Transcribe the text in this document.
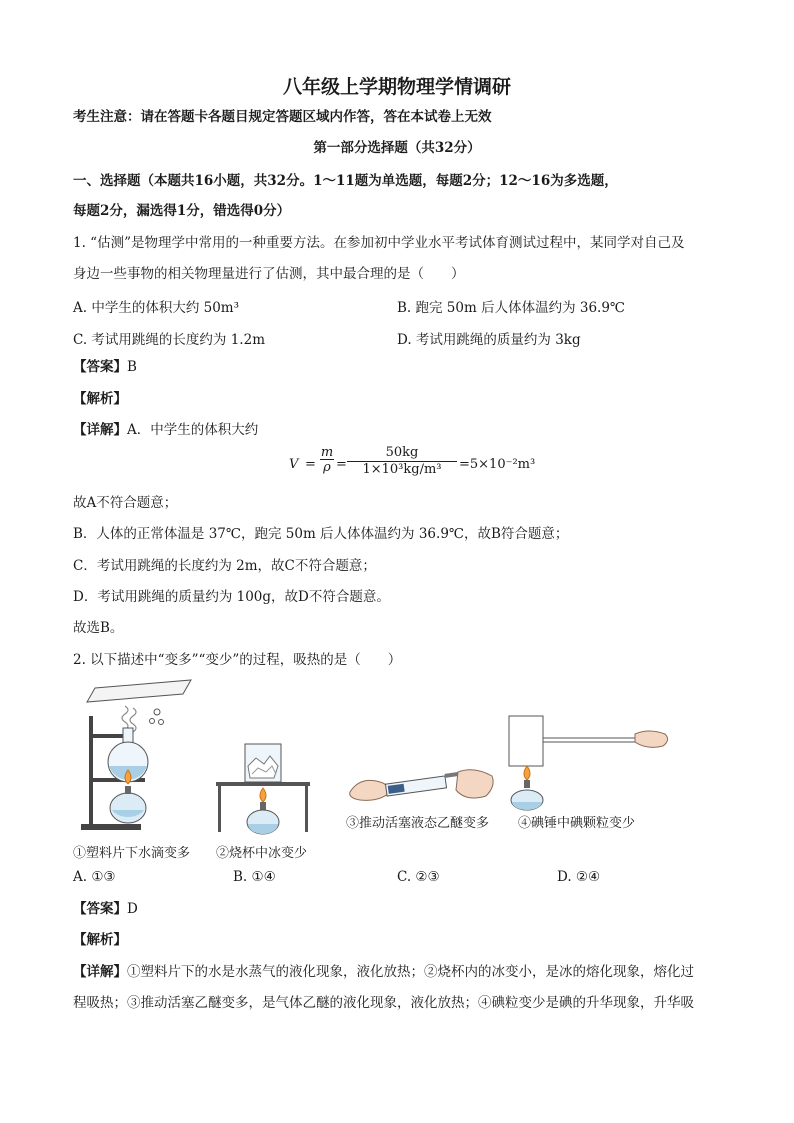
八年级上学期物理学情调研
考生注意：请在答题卡各题目规定答题区域内作答，答在本试卷上无效
第一部分选择题（共32分）
一、选择题（本题共16小题，共32分。1～11题为单选题，每题2分；12～16为多选题，
每题2分，漏选得1分，错选得0分）
1. “估测”是物理学中常用的一种重要方法。在参加初中学业水平考试体育测试过程中，某同学对自己及
身边一些事物的相关物理量进行了估测，其中最合理的是（　　）
A. 中学生的体积大约 50m³	B. 跑完 50m 后人体体温约为 36.9℃
C. 考试用跳绳的长度约为 1.2m	D. 考试用跳绳的质量约为 3kg
【答案】B
【解析】
【详解】A．中学生的体积大约
$V = \frac{m}{\rho} = \frac{50kg}{\text{1×10³kg/m³}} =5\times 10^{-2}m^3$
故A不符合题意；
B．人体的正常体温是 37℃，跑完 50m 后人体体温约为 36.9℃，故B符合题意；
C．考试用跳绳的长度约为 2m，故C不符合题意；
D．考试用跳绳的质量约为 100g，故D不符合题意。
故选B。
2. 以下描述中“变多”“变少”的过程，吸热的是（　　）
①塑料片下水滴变多 ②烧杯中冰变少
③推动活塞液态乙醚变多 ④碘锤中碘颗粒变少
A. ①③	B. ①④	C. ②③	D. ②④
【答案】D
【解析】
【详解】①塑料片下的水是水蒸气的液化现象，液化放热；②烧杯内的冰变小，是冰的熔化现象，熔化过
程吸热；③推动活塞乙醚变多，是气体乙醚的液化现象，液化放热；④碘粒变少是碘的升华现象，升华吸
